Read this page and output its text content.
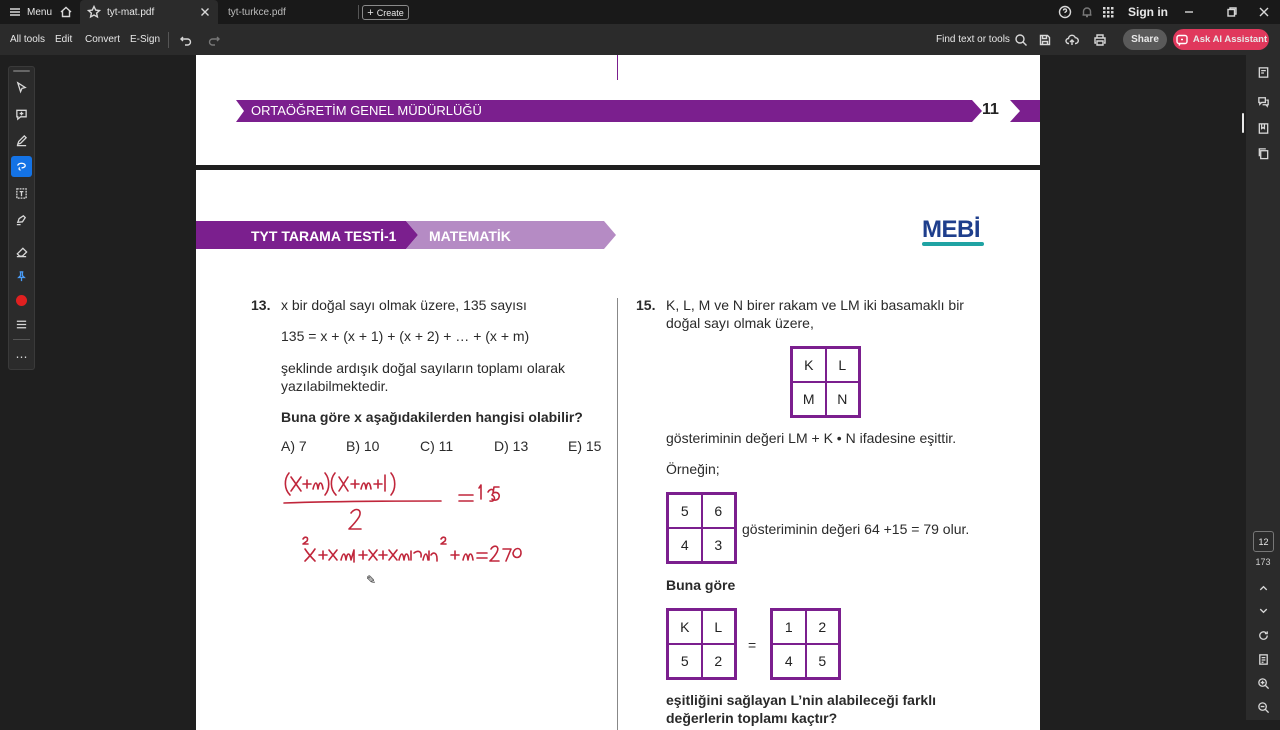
Menu	tyt-mat.pdf	tyt-turkce.pdf	+ Create	Sign in
All tools Edit Convert E-Sign	Find text or tools	Share	Ask AI Assistant
⋯
ORTAÖĞRETİM GENEL MÜDÜRLÜĞÜ	11
TYT TARAMA TESTİ-1 MATEMATİK	MEBİ
13. x bir doğal sayı olmak üzere, 135 sayısı
135 = x + (x + 1) + (x + 2) + … + (x + m)
şeklinde ardışık doğal sayıların toplamı olarak
yazılabilmektedir.
Buna göre x aşağıdakilerden hangisi olabilir?
A) 7	B) 10	C) 11	D) 13	E) 15
✎
15. K, L, M ve N birer rakam ve LM iki basamaklı bir
doğal sayı olmak üzere,
K	L
M	N
gösteriminin değeri LM + K • N ifadesine eşittir.
Örneğin;
5	6
4	3
gösteriminin değeri 64 +15 = 79 olur.
Buna göre
K	L
5	2
=
1	2
4	5
eşitliğini sağlayan L’nin alabileceği farklı
değerlerin toplamı kaçtır?
12
173
